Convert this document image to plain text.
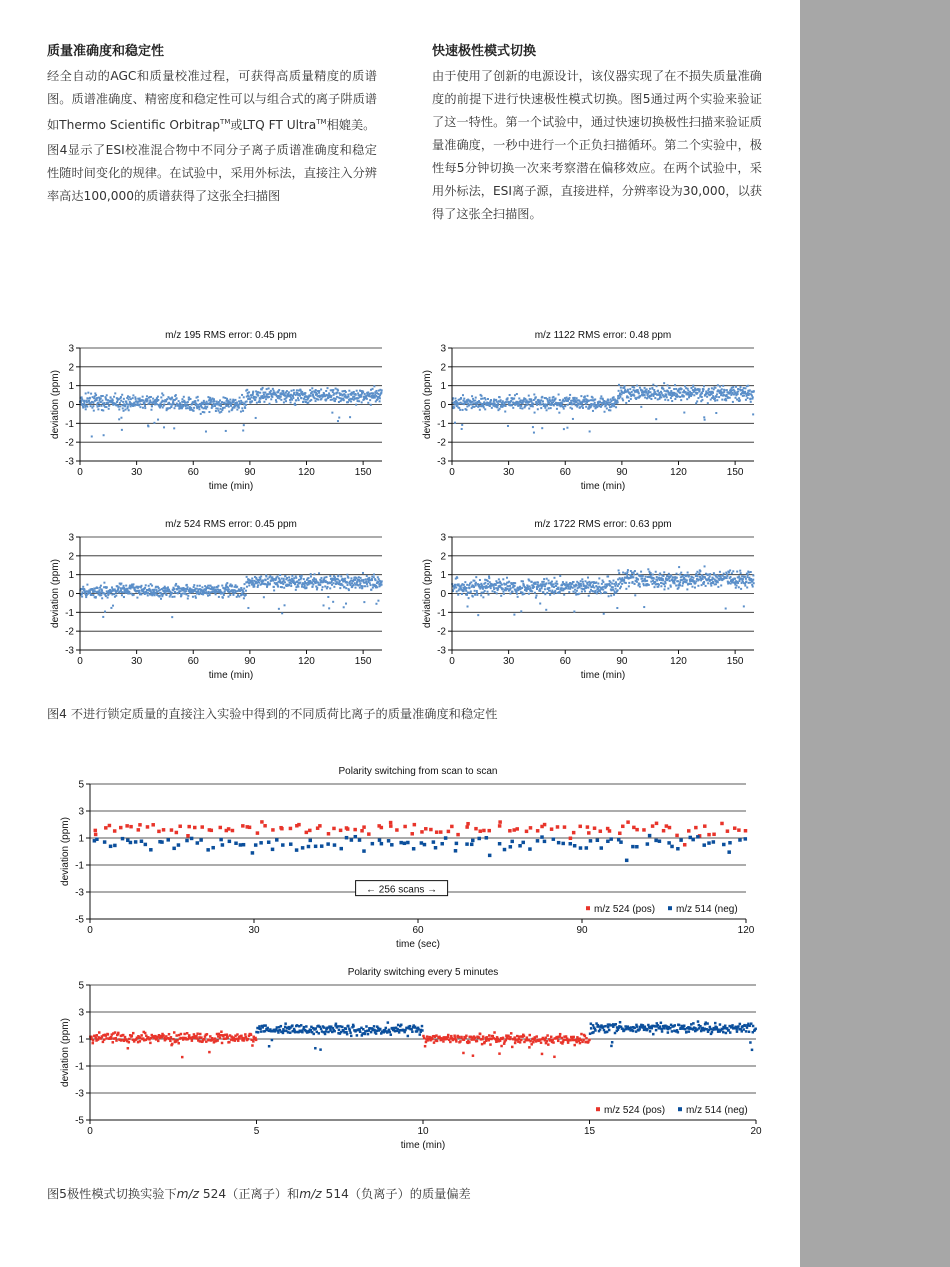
质量准确度和稳定性

经全自动的AGC和质量校准过程，可获得高质量精度的质谱图。质谱准确度、精密度和稳定性可以与组合式的离子阱质谱如Thermo Scientific Orbitrap™或LTQ FT Ultra™相媲美。

图4显示了ESI校准混合物中不同分子离子质谱准确度和稳定性随时间变化的规律。在试验中，采用外标法，直接注入分辨率高达100,000的质谱获得了这张全扫描图

快速极性模式切换

由于使用了创新的电源设计，该仪器实现了在不损失质量准确度的前提下进行快速极性模式切换。图5通过两个实验来验证了这一特性。第一个试验中，通过快速切换极性扫描来验证质量准确度，一秒中进行一个正负扫描循环。第二个实验中，极性每5分钟切换一次来考察潜在偏移效应。在两个试验中，采用外标法，ESI离子源，直接进样，分辨率设为30,000，以获得了这张全扫描图。

m/z 195 RMS error: 0.45 ppm
3
2
1
0
-1
-2
-3
0	30	60	90	120	150
time (min)
deviation (ppm)
m/z 1122 RMS error: 0.48 ppm
3
2
1
0
-1
-2
-3
0	30	60	90	120	150
time (min)
deviation (ppm)
m/z 524 RMS error: 0.45 ppm
3
2
1
0
-1
-2
-3
0	30	60	90	120	150
time (min)
deviation (ppm)
m/z 1722 RMS error: 0.63 ppm
3
2
1
0
-1
-2
-3
0	30	60	90	120	150
time (min)
deviation (ppm)
图4 不进行锁定质量的直接注入实验中得到的不同质荷比离子的质量准确度和稳定性
Polarity switching from scan to scan
5
3
1
-1
-3
-5
0	30	60	90	120
time (sec)
deviation (ppm)
← 256 scans →
m/z 524 (pos) m/z 514 (neg)
Polarity switching every 5 minutes
5
3
1
-1
-3
-5
0	5	10	15	20
time (min)
deviation (ppm)
m/z 524 (pos) m/z 514 (neg)
图5极性模式切换实验下m/z 524（正离子）和m/z 514（负离子）的质量偏差
